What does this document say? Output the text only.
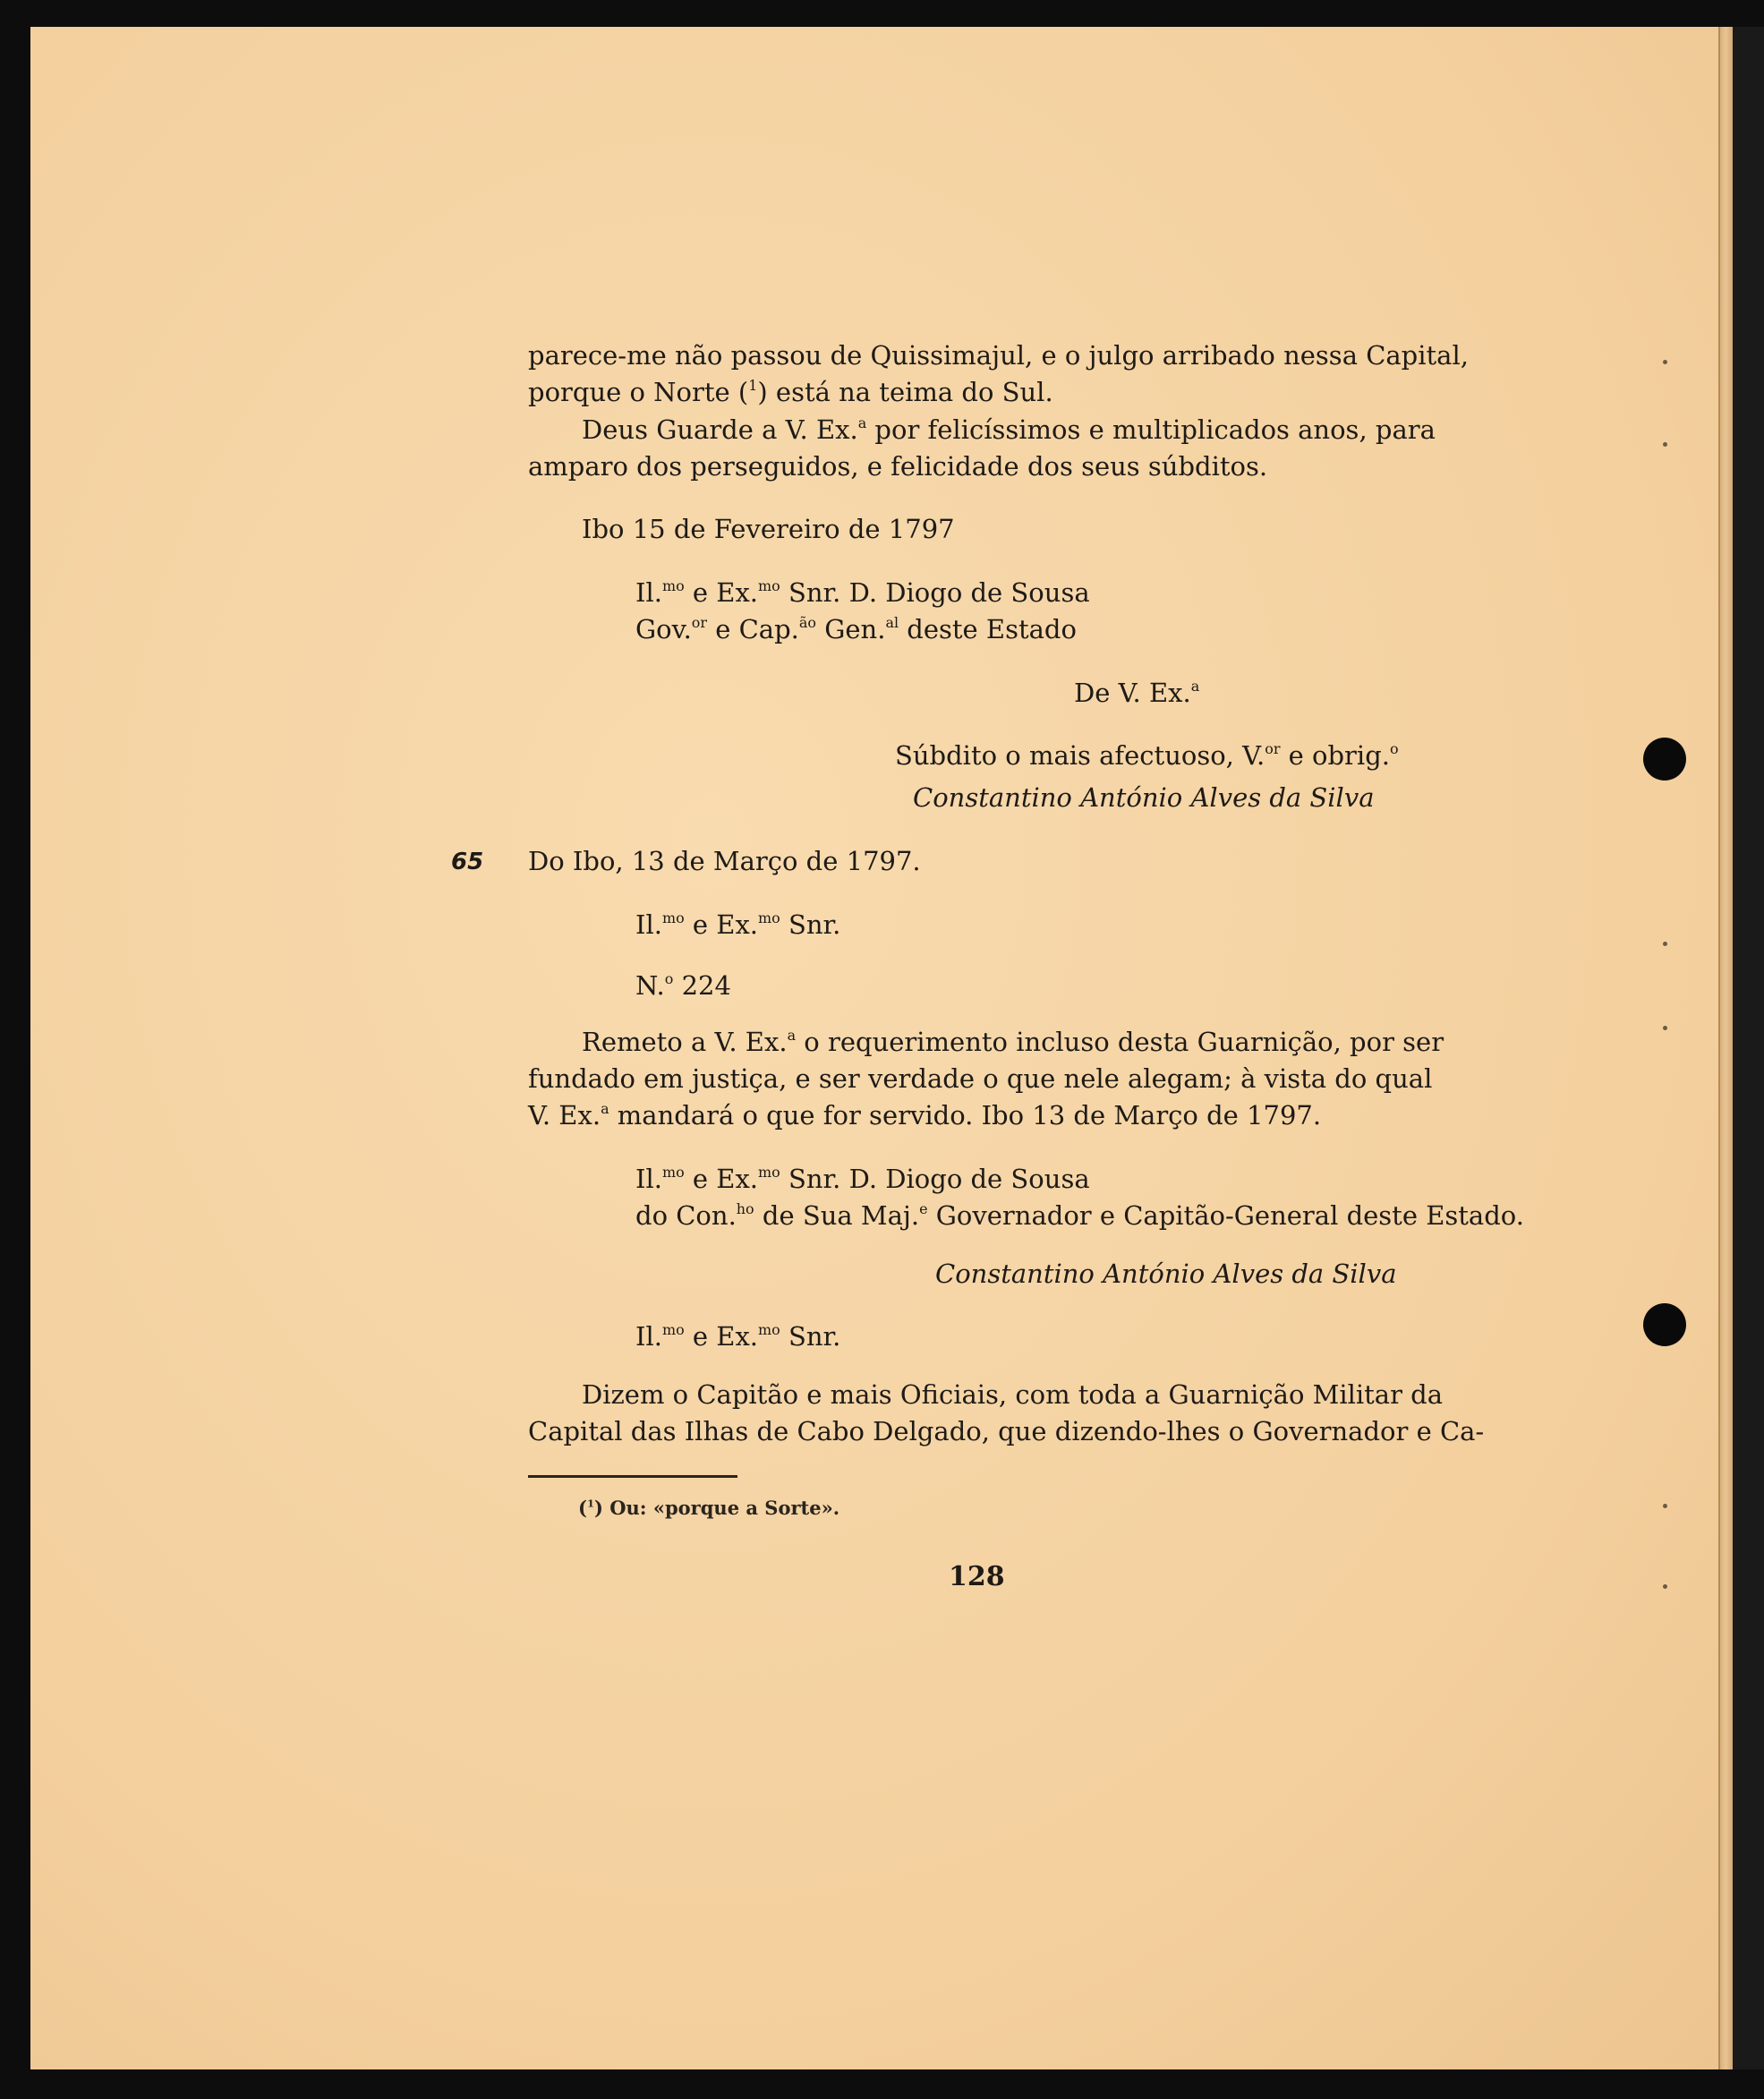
parece-me não passou de Quissimajul, e o julgo arribado nessa Capital,
porque o Norte ($^1$) está na teima do Sul.
Deus Guarde a V. Ex.$^a$ por felicíssimos e multiplicados anos, para
amparo dos perseguidos, e felicidade dos seus súbditos.
Ibo 15 de Fevereiro de 1797
Il.$^{mo}$ e Ex.$^{mo}$ Snr. D. Diogo de Sousa
Gov.$^{or}$ e Cap.$^{ão}$ Gen.$^{al}$ deste Estado
De V. Ex.$^a$
Súbdito o mais afectuoso, V.$^{or}$ e obrig.$^o$
Constantino António Alves da Silva
65 Do Ibo, 13 de Março de 1797.
Il.$^{mo}$ e Ex.$^{mo}$ Snr.
N.$^o$ 224
Remeto a V. Ex.$^a$ o requerimento incluso desta Guarnição, por ser
fundado em justiça, e ser verdade o que nele alegam; à vista do qual
V. Ex.$^a$ mandará o que for servido. Ibo 13 de Março de 1797.
Il.$^{mo}$ e Ex.$^{mo}$ Snr. D. Diogo de Sousa
do Con.$^{ho}$ de Sua Maj.$^e$ Governador e Capitão-General deste Estado.
Constantino António Alves da Silva
Il.$^{mo}$ e Ex.$^{mo}$ Snr.
Dizem o Capitão e mais Oficiais, com toda a Guarnição Militar da
Capital das Ilhas de Cabo Delgado, que dizendo-lhes o Governador e Ca-
($^1$) Ou: «porque a Sorte».
128
